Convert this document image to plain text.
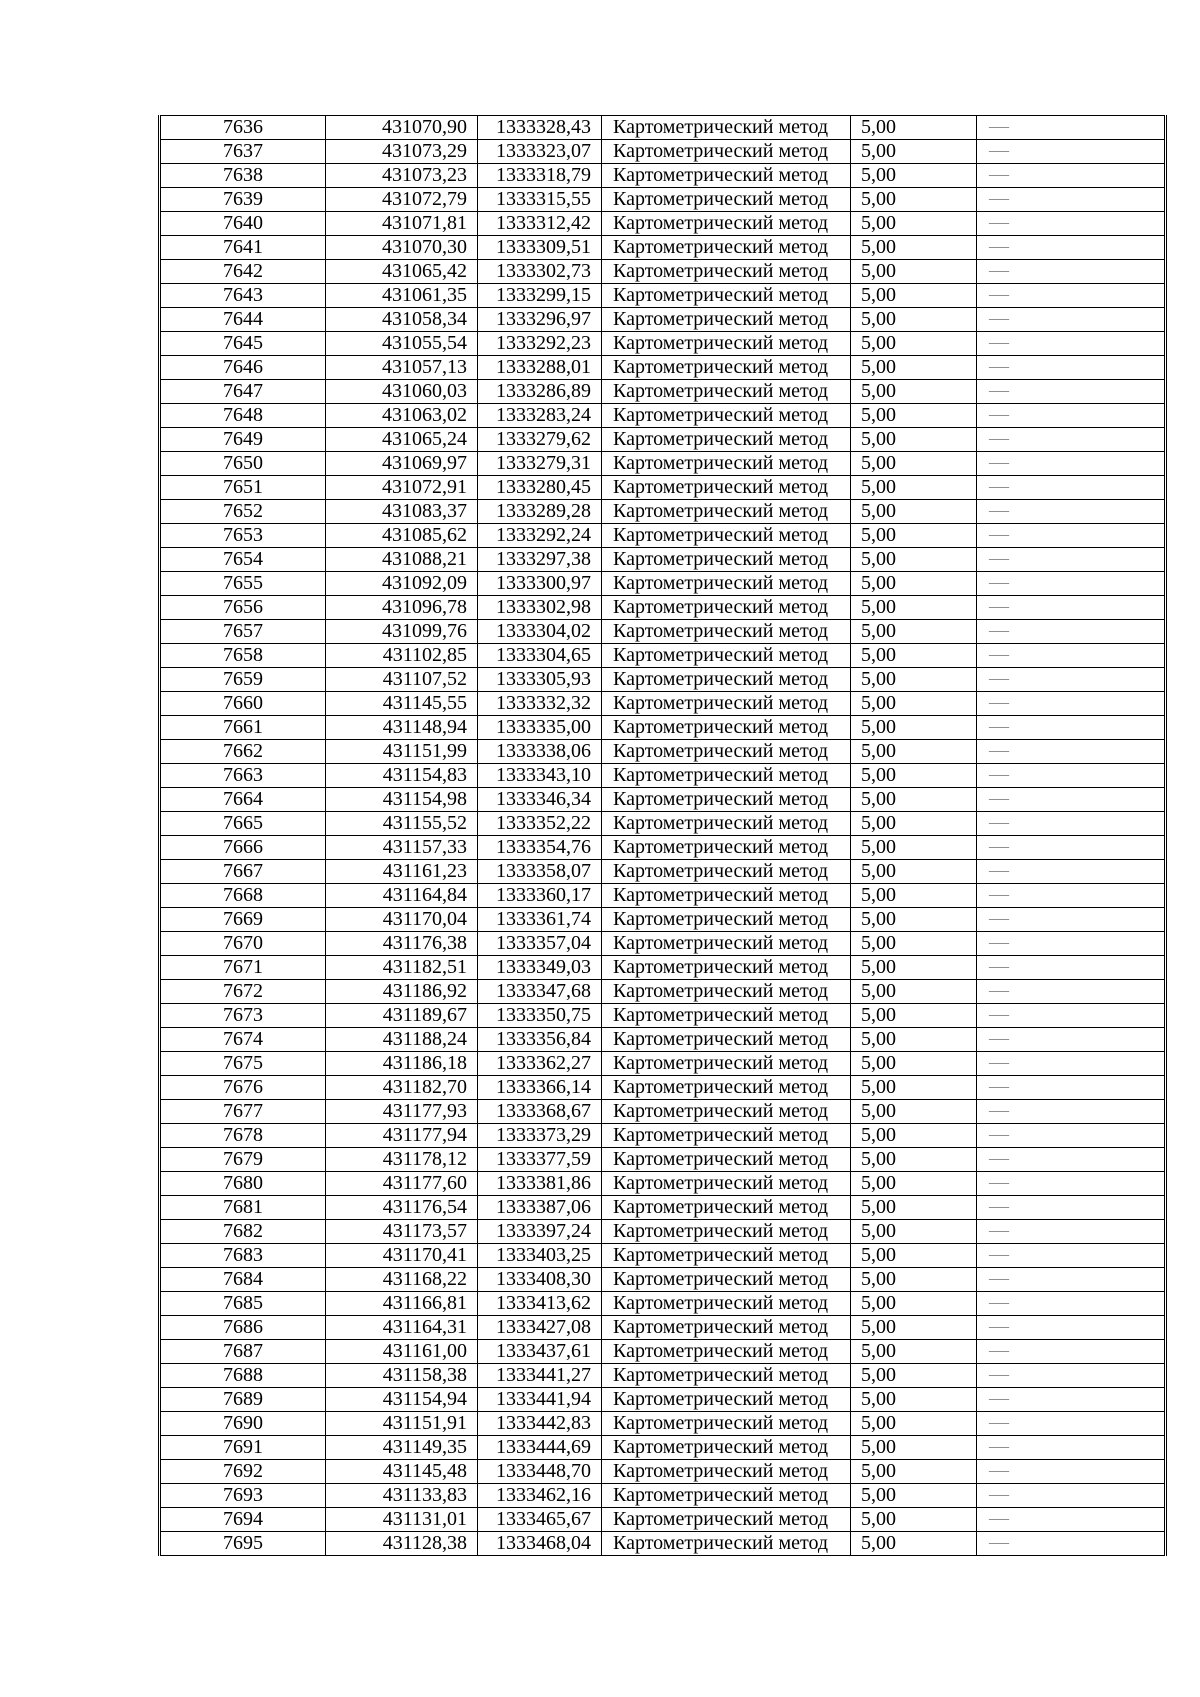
7636	431070,90	1333328,43	Картометрический метод	5,00	—
7637	431073,29	1333323,07	Картометрический метод	5,00	—
7638	431073,23	1333318,79	Картометрический метод	5,00	—
7639	431072,79	1333315,55	Картометрический метод	5,00	—
7640	431071,81	1333312,42	Картометрический метод	5,00	—
7641	431070,30	1333309,51	Картометрический метод	5,00	—
7642	431065,42	1333302,73	Картометрический метод	5,00	—
7643	431061,35	1333299,15	Картометрический метод	5,00	—
7644	431058,34	1333296,97	Картометрический метод	5,00	—
7645	431055,54	1333292,23	Картометрический метод	5,00	—
7646	431057,13	1333288,01	Картометрический метод	5,00	—
7647	431060,03	1333286,89	Картометрический метод	5,00	—
7648	431063,02	1333283,24	Картометрический метод	5,00	—
7649	431065,24	1333279,62	Картометрический метод	5,00	—
7650	431069,97	1333279,31	Картометрический метод	5,00	—
7651	431072,91	1333280,45	Картометрический метод	5,00	—
7652	431083,37	1333289,28	Картометрический метод	5,00	—
7653	431085,62	1333292,24	Картометрический метод	5,00	—
7654	431088,21	1333297,38	Картометрический метод	5,00	—
7655	431092,09	1333300,97	Картометрический метод	5,00	—
7656	431096,78	1333302,98	Картометрический метод	5,00	—
7657	431099,76	1333304,02	Картометрический метод	5,00	—
7658	431102,85	1333304,65	Картометрический метод	5,00	—
7659	431107,52	1333305,93	Картометрический метод	5,00	—
7660	431145,55	1333332,32	Картометрический метод	5,00	—
7661	431148,94	1333335,00	Картометрический метод	5,00	—
7662	431151,99	1333338,06	Картометрический метод	5,00	—
7663	431154,83	1333343,10	Картометрический метод	5,00	—
7664	431154,98	1333346,34	Картометрический метод	5,00	—
7665	431155,52	1333352,22	Картометрический метод	5,00	—
7666	431157,33	1333354,76	Картометрический метод	5,00	—
7667	431161,23	1333358,07	Картометрический метод	5,00	—
7668	431164,84	1333360,17	Картометрический метод	5,00	—
7669	431170,04	1333361,74	Картометрический метод	5,00	—
7670	431176,38	1333357,04	Картометрический метод	5,00	—
7671	431182,51	1333349,03	Картометрический метод	5,00	—
7672	431186,92	1333347,68	Картометрический метод	5,00	—
7673	431189,67	1333350,75	Картометрический метод	5,00	—
7674	431188,24	1333356,84	Картометрический метод	5,00	—
7675	431186,18	1333362,27	Картометрический метод	5,00	—
7676	431182,70	1333366,14	Картометрический метод	5,00	—
7677	431177,93	1333368,67	Картометрический метод	5,00	—
7678	431177,94	1333373,29	Картометрический метод	5,00	—
7679	431178,12	1333377,59	Картометрический метод	5,00	—
7680	431177,60	1333381,86	Картометрический метод	5,00	—
7681	431176,54	1333387,06	Картометрический метод	5,00	—
7682	431173,57	1333397,24	Картометрический метод	5,00	—
7683	431170,41	1333403,25	Картометрический метод	5,00	—
7684	431168,22	1333408,30	Картометрический метод	5,00	—
7685	431166,81	1333413,62	Картометрический метод	5,00	—
7686	431164,31	1333427,08	Картометрический метод	5,00	—
7687	431161,00	1333437,61	Картометрический метод	5,00	—
7688	431158,38	1333441,27	Картометрический метод	5,00	—
7689	431154,94	1333441,94	Картометрический метод	5,00	—
7690	431151,91	1333442,83	Картометрический метод	5,00	—
7691	431149,35	1333444,69	Картометрический метод	5,00	—
7692	431145,48	1333448,70	Картометрический метод	5,00	—
7693	431133,83	1333462,16	Картометрический метод	5,00	—
7694	431131,01	1333465,67	Картометрический метод	5,00	—
7695	431128,38	1333468,04	Картометрический метод	5,00	—
